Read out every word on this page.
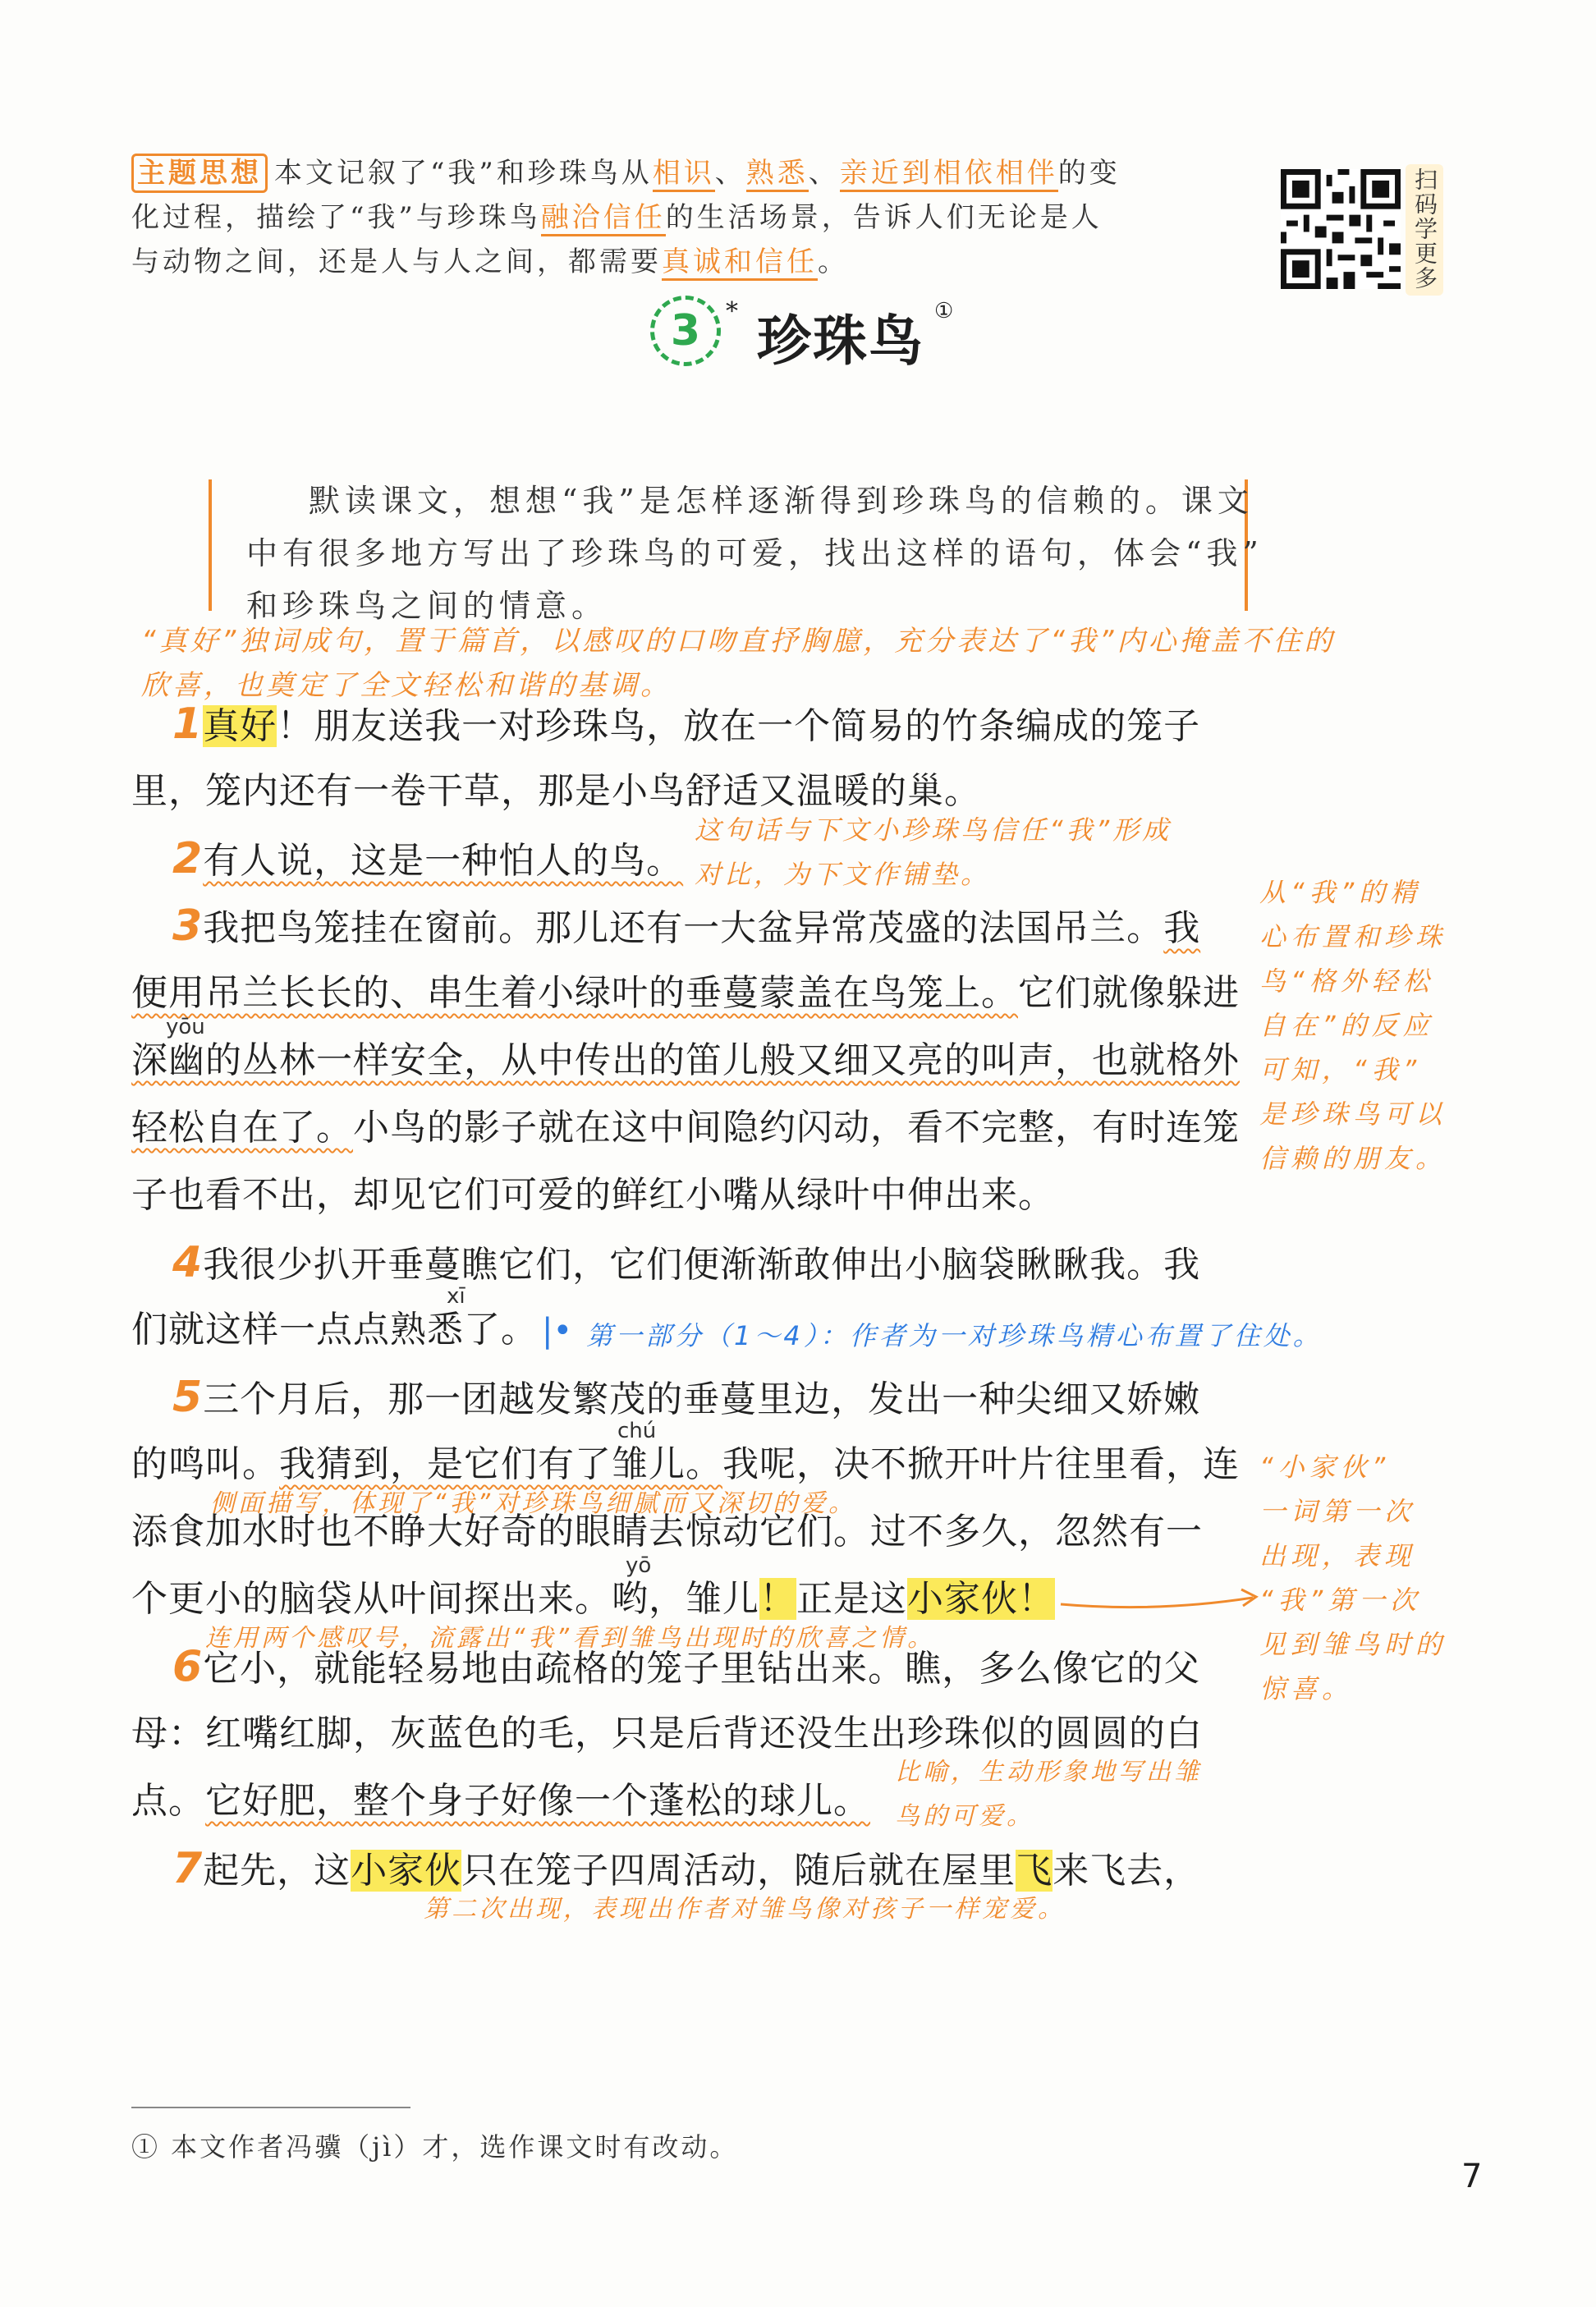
主题思想 本文记叙了“我”和珍珠鸟从相识、熟悉、亲近到相依相伴的变
化过程，描绘了“我”与珍珠鸟融洽信任的生活场景，告诉人们无论是人
与动物之间，还是人与人之间，都需要真诚和信任。	扫码学更多
3	* 珍珠鸟 ①
默读课文，想想“我”是怎样逐渐得到珍珠鸟的信赖的。课文
中有很多地方写出了珍珠鸟的可爱，找出这样的语句，体会“我”
和珍珠鸟之间的情意。
“真好”独词成句，置于篇首，以感叹的口吻直抒胸臆，充分表达了“我”内心掩盖不住的
欣喜，也奠定了全文轻松和谐的基调。
1真好！朋友送我一对珍珠鸟，放在一个简易的竹条编成的笼子
里，笼内还有一卷干草，那是小鸟舒适又温暖的巢。
这句话与下文小珍珠鸟信任“我”形成
对比，为下文作铺垫。
2有人说，这是一种怕人的鸟。
3我把鸟笼挂在窗前。那儿还有一大盆异常茂盛的法国吊兰。我
便用吊兰长长的、串生着小绿叶的垂蔓蒙盖在鸟笼上。它们就像躲进
yōu
深幽的丛林一样安全，从中传出的笛儿般又细又亮的叫声，也就格外
轻松自在了。小鸟的影子就在这中间隐约闪动，看不完整，有时连笼
子也看不出，却见它们可爱的鲜红小嘴从绿叶中伸出来。
从“我”的精
心布置和珍珠
鸟“格外轻松
自在”的反应
可知，“我”
是珍珠鸟可以
信赖的朋友。
4我很少扒开垂蔓瞧它们，它们便渐渐敢伸出小脑袋瞅瞅我。我
xī
们就这样一点点熟悉了。 |• 第一部分（1～4）：作者为一对珍珠鸟精心布置了住处。
5三个月后，那一团越发繁茂的垂蔓里边，发出一种尖细又娇嫩
chú
的鸣叫。我猜到，是它们有了雏儿。我呢，决不掀开叶片往里看，连
侧面描写，体现了“我”对珍珠鸟细腻而又深切的爱。
添食加水时也不睁大好奇的眼睛去惊动它们。过不多久，忽然有一
yō
个更小的脑袋从叶间探出来。哟，雏儿！正是这小家伙！
连用两个感叹号，流露出“我”看到雏鸟出现时的欣喜之情。
“小家伙”
一词第一次
出现，表现
“我”第一次
见到雏鸟时的
惊喜。
6它小，就能轻易地由疏格的笼子里钻出来。瞧，多么像它的父
母：红嘴红脚，灰蓝色的毛，只是后背还没生出珍珠似的圆圆的白
点。它好肥，整个身子好像一个蓬松的球儿。
比喻，生动形象地写出雏
鸟的可爱。
7起先，这小家伙只在笼子四周活动，随后就在屋里飞来飞去，
第二次出现，表现出作者对雏鸟像对孩子一样宠爱。
① 本文作者冯骥（jì）才，选作课文时有改动。
7
